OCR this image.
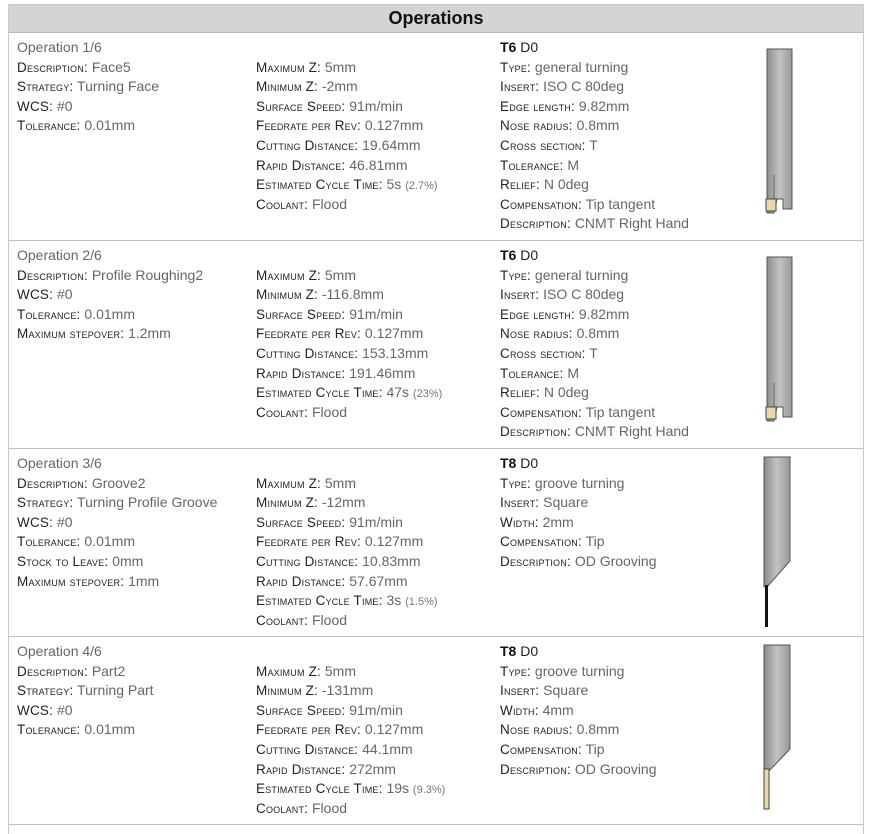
Operations
Operation 1/6
Description: Face5
Strategy: Turning Face
WCS: #0
Tolerance: 0.01mm

Maximum Z: 5mm
Minimum Z: -2mm
Surface Speed: 91m/min
Feedrate per Rev: 0.127mm
Cutting Distance: 19.64mm
Rapid Distance: 46.81mm
Estimated Cycle Time: 5s (2.7%)
Coolant: Flood
T6 D0
Type: general turning
Insert: ISO C 80deg
Edge length: 9.82mm
Nose radius: 0.8mm
Cross section: T
Tolerance: M
Relief: N 0deg
Compensation: Tip tangent
Description: CNMT Right Hand
Operation 2/6
Description: Profile Roughing2
WCS: #0
Tolerance: 0.01mm
Maximum stepover: 1.2mm

Maximum Z: 5mm
Minimum Z: -116.8mm
Surface Speed: 91m/min
Feedrate per Rev: 0.127mm
Cutting Distance: 153.13mm
Rapid Distance: 191.46mm
Estimated Cycle Time: 47s (23%)
Coolant: Flood
T6 D0
Type: general turning
Insert: ISO C 80deg
Edge length: 9.82mm
Nose radius: 0.8mm
Cross section: T
Tolerance: M
Relief: N 0deg
Compensation: Tip tangent
Description: CNMT Right Hand
Operation 3/6
Description: Groove2
Strategy: Turning Profile Groove
WCS: #0
Tolerance: 0.01mm
Stock to Leave: 0mm
Maximum stepover: 1mm

Maximum Z: 5mm
Minimum Z: -12mm
Surface Speed: 91m/min
Feedrate per Rev: 0.127mm
Cutting Distance: 10.83mm
Rapid Distance: 57.67mm
Estimated Cycle Time: 3s (1.5%)
Coolant: Flood
T8 D0
Type: groove turning
Insert: Square
Width: 2mm
Compensation: Tip
Description: OD Grooving
Operation 4/6
Description: Part2
Strategy: Turning Part
WCS: #0
Tolerance: 0.01mm

Maximum Z: 5mm
Minimum Z: -131mm
Surface Speed: 91m/min
Feedrate per Rev: 0.127mm
Cutting Distance: 44.1mm
Rapid Distance: 272mm
Estimated Cycle Time: 19s (9.3%)
Coolant: Flood
T8 D0
Type: groove turning
Insert: Square
Width: 4mm
Nose radius: 0.8mm
Compensation: Tip
Description: OD Grooving
